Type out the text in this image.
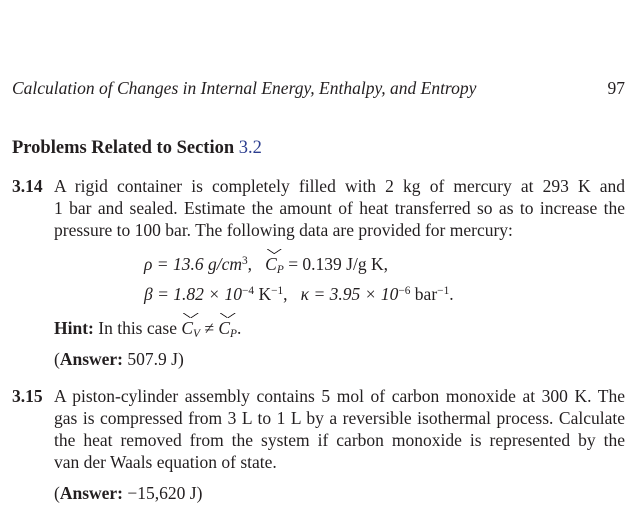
Calculation of Changes in Internal Energy, Enthalpy, and Entropy	97
Problems Related to Section 3.2
3.14 A rigid container is completely filled with 2 kg of mercury at 293 K and
1 bar and sealed. Estimate the amount of heat transferred so as to increase the
pressure to 100 bar. The following data are provided for mercury:
ρ = 13.6 $g/cm^3$,   $C_P = 0.139$ J/g K,
$\beta = 1.82 \times 10^{-4}$ $K^{-1}$,   $\kappa = 3.95 \times 10^{-6}$ bar$^{-1}$.
Hint: In this case $C_V \ne C_P$.
(Answer: 507.9 J)
3.15 A piston-cylinder assembly contains 5 mol of carbon monoxide at 300 K. The
gas is compressed from 3 L to 1 L by a reversible isothermal process. Calculate
the heat removed from the system if carbon monoxide is represented by the
van der Waals equation of state.
(Answer: −15,620 J)
